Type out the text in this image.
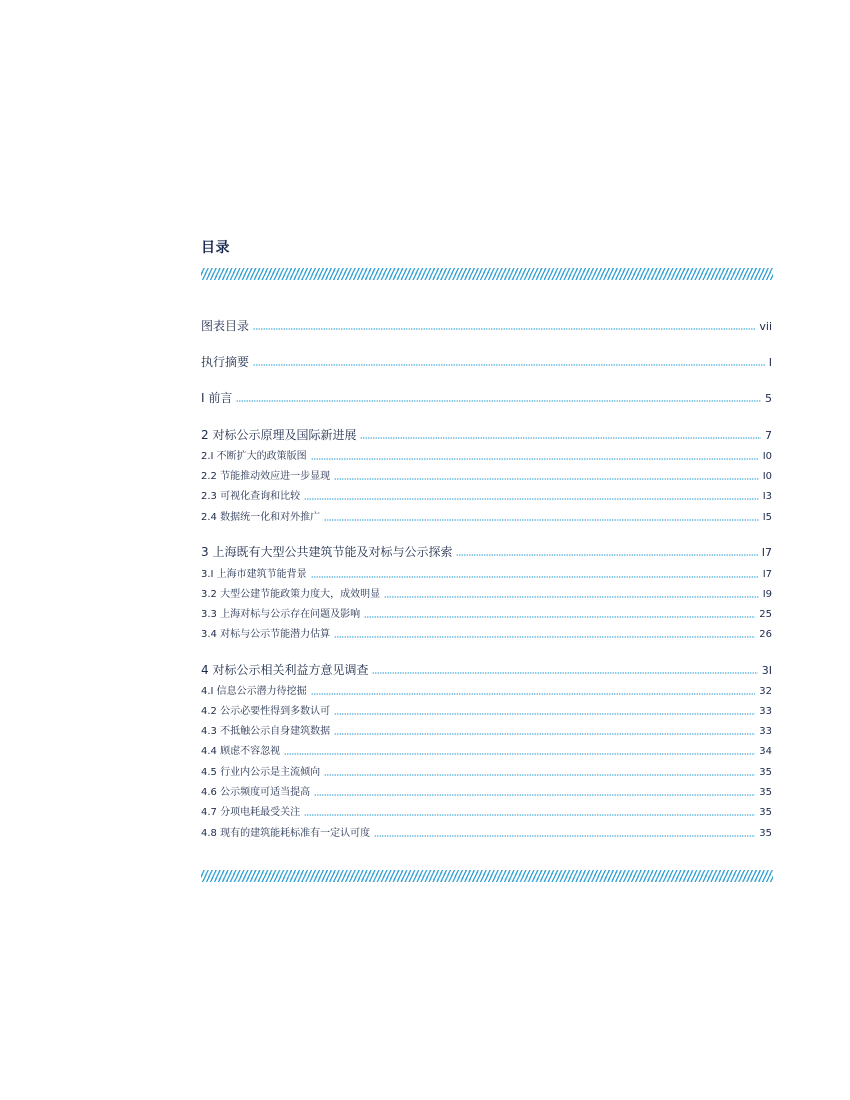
目录
图表目录	vii
执行摘要	I
I 前言	5
2 对标公示原理及国际新进展	7
2.I 不断扩大的政策版图	I0
2.2 节能推动效应进一步显现	I0
2.3 可视化查询和比较	I3
2.4 数据统一化和对外推广	I5
3 上海既有大型公共建筑节能及对标与公示探索	I7
3.I 上海市建筑节能背景	I7
3.2 大型公建节能政策力度大，成效明显	I9
3.3 上海对标与公示存在问题及影响	25
3.4 对标与公示节能潜力估算	26
4 对标公示相关利益方意见调查	3I
4.I 信息公示潜力待挖掘	32
4.2 公示必要性得到多数认可	33
4.3 不抵触公示自身建筑数据	33
4.4 顾虑不容忽视	34
4.5 行业内公示是主流倾向	35
4.6 公示频度可适当提高	35
4.7 分项电耗最受关注	35
4.8 现有的建筑能耗标准有一定认可度	35
